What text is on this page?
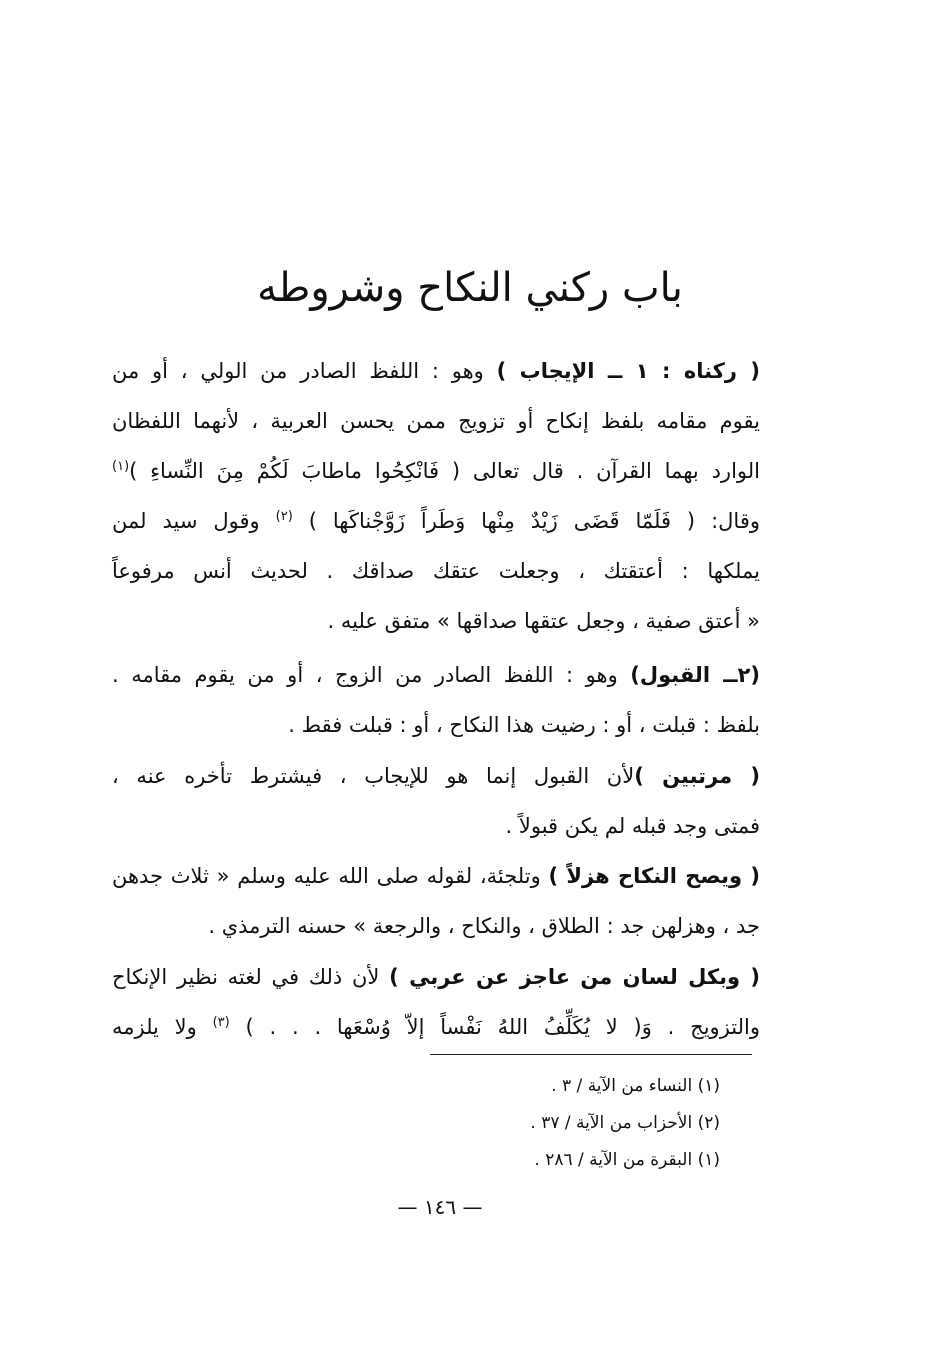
باب ركني النكاح وشروطه
( ركناه : ١ ــ الإيجاب ) وهو : اللفظ الصادر من الولي ، أو من
يقوم مقامه بلفظ إنكاح أو تزويج ممن يحسن العربية ، لأنهما اللفظان
الوارد بهما القرآن . قال تعالى ( فَانْكِحُوا ماطابَ لَكُمْ مِنَ النِّساءِ )$^{(١)}$
وقال: ( فَلَمّا قَضَى زَيْدٌ مِنْها وَطَراً زَوَّجْناكَها ) $^{(٢)}$ وقول سيد لمن
يملكها : أعتقتك ، وجعلت عتقك صداقك . لحديث أنس مرفوعاً
« أعتق صفية ، وجعل عتقها صداقها » متفق عليه .
(٢ــ القبول) وهو : اللفظ الصادر من الزوج ، أو من يقوم مقامه .
بلفظ : قبلت ، أو : رضيت هذا النكاح ، أو : قبلت فقط .
( مرتبين )لأن القبول إنما هو للإيجاب ، فيشترط تأخره عنه ،
فمتى وجد قبله لم يكن قبولاً .
( ويصح النكاح هزلاً ) وتلجئة، لقوله صلى الله عليه وسلم « ثلاث جدهن
جد ، وهزلهن جد : الطلاق ، والنكاح ، والرجعة » حسنه الترمذي .
( وبكل لسان من عاجز عن عربي ) لأن ذلك في لغته نظير الإنكاح
والتزويج . وَ( لا يُكَلِّفُ اللهُ نَفْساً إلاّ وُسْعَها . . . ) $^{(٣)}$ ولا يلزمه
(١) النساء من الآية / ٣ .
(٢) الأحزاب من الآية / ٣٧ .
(١) البقرة من الآية / ٢٨٦ .
— ١٤٦ —
